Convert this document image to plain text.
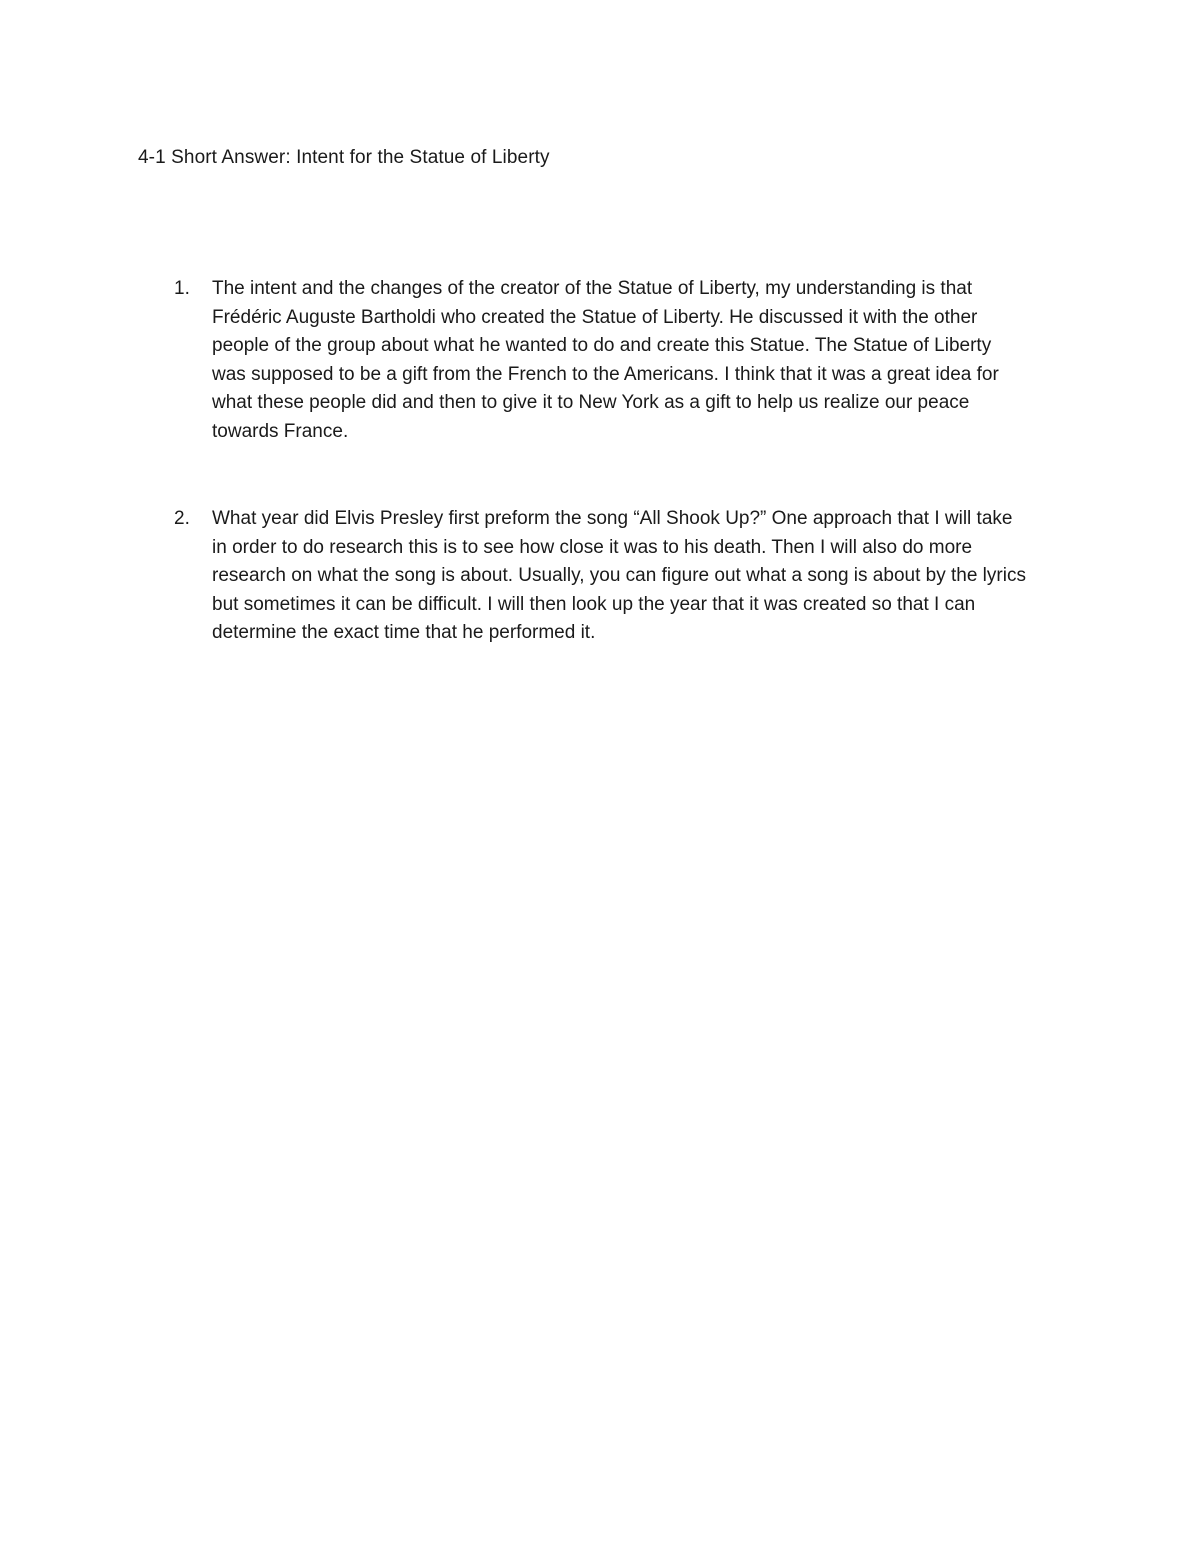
4-1 Short Answer: Intent for the Statue of Liberty
1. The intent and the changes of the creator of the Statue of Liberty, my understanding is that
Frédéric Auguste Bartholdi who created the Statue of Liberty. He discussed it with the other
people of the group about what he wanted to do and create this Statue. The Statue of Liberty
was supposed to be a gift from the French to the Americans. I think that it was a great idea for
what these people did and then to give it to New York as a gift to help us realize our peace
towards France.
2. What year did Elvis Presley first preform the song “All Shook Up?” One approach that I will take
in order to do research this is to see how close it was to his death. Then I will also do more
research on what the song is about. Usually, you can figure out what a song is about by the lyrics
but sometimes it can be difficult. I will then look up the year that it was created so that I can
determine the exact time that he performed it.
